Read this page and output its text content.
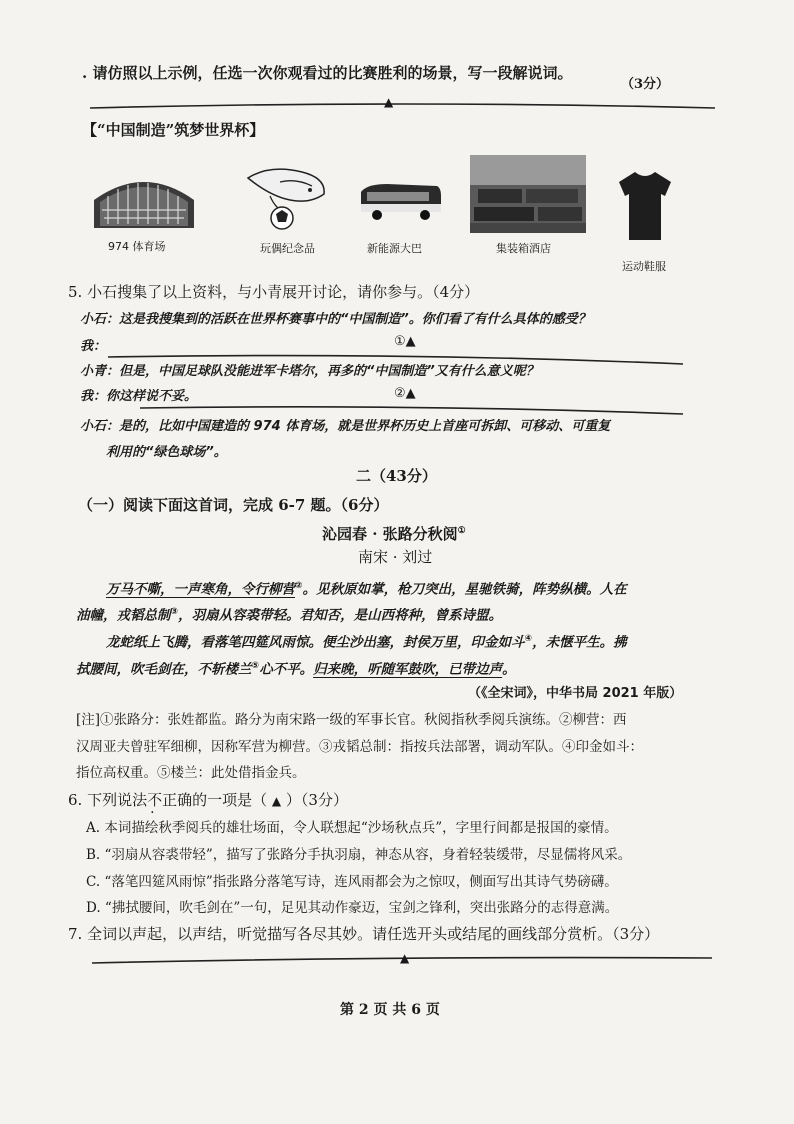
. 请仿照以上示例，任选一次你观看过的比赛胜利的场景，写一段解说词。
（3分）
▲
【“中国制造”筑梦世界杯】
974 体育场	玩偶纪念品	新能源大巴	集装箱酒店
运动鞋服
5. 小石搜集了以上资料，与小青展开讨论，请你参与。（4分）
小石：这是我搜集到的活跃在世界杯赛事中的“中国制造”。你们看了有什么具体的感受？
我：	①▲
小青：但是，中国足球队没能进军卡塔尔，再多的“中国制造”又有什么意义呢？
我：你这样说不妥。	②▲
小石：是的，比如中国建造的 974 体育场，就是世界杯历史上首座可拆卸、可移动、可重复
利用的“绿色球场”。
二（43分）
（一）阅读下面这首词，完成 6-7 题。（6分）
沁园春 · 张路分秋阅①
南宋 · 刘过
万马不嘶，一声寒角，令行柳营②。见秋原如掌，枪刀突出，星驰铁骑，阵势纵横。人在
油幢，戎韬总制③，羽扇从容裘带轻。君知否，是山西将种，曾系诗盟。
龙蛇纸上飞腾，看落笔四筵风雨惊。便尘沙出塞，封侯万里，印金如斗④，未惬平生。拂
拭腰间，吹毛剑在，不斩楼兰⑤心不平。归来晚，听随军鼓吹，已带边声。
（《全宋词》，中华书局 2021 年版）
[注]①张路分：张姓都监。路分为南宋路一级的军事长官。秋阅指秋季阅兵演练。②柳营：西
汉周亚夫曾驻军细柳，因称军营为柳营。③戎韬总制：指按兵法部署，调动军队。④印金如斗：
指位高权重。⑤楼兰：此处借指金兵。
6. 下列说法不正确的一项是（ ▲ ）（3分）
A. 本词描绘秋季阅兵的雄壮场面，令人联想起“沙场秋点兵”，字里行间都是报国的豪情。
B. “羽扇从容裘带轻”，描写了张路分手执羽扇，神态从容，身着轻装缓带，尽显儒将风采。
C. “落笔四筵风雨惊”指张路分落笔写诗，连风雨都会为之惊叹，侧面写出其诗气势磅礴。
D. “拂拭腰间，吹毛剑在”一句，足见其动作豪迈，宝剑之锋利，突出张路分的志得意满。
7. 全词以声起，以声结，听觉描写各尽其妙。请任选开头或结尾的画线部分赏析。（3分）
▲
第 2 页 共 6 页
